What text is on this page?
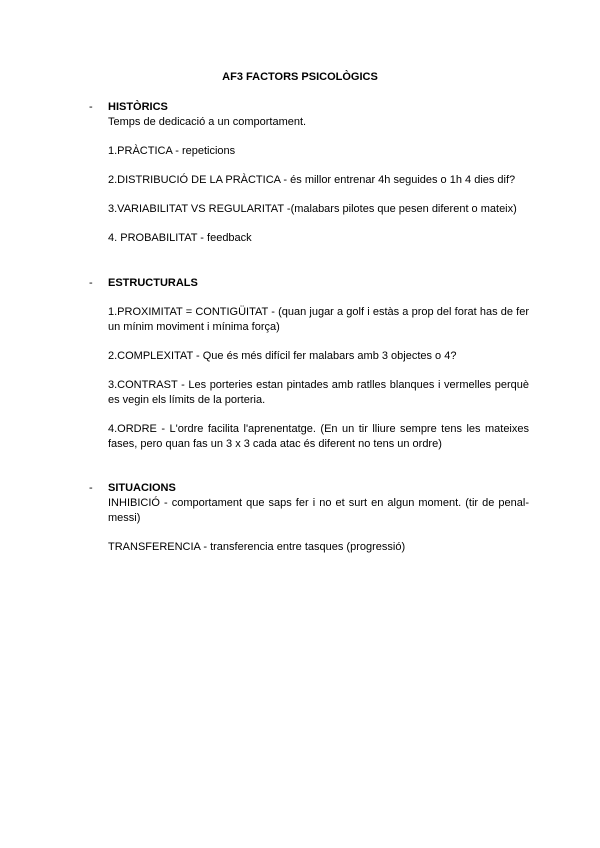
AF3 FACTORS PSICOLÒGICS
-	HISTÒRICS

Temps de dedicació a un comportament.

1.PRÀCTICA - repeticions

2.DISTRIBUCIÓ DE LA PRÀCTICA - és millor entrenar 4h seguides o 1h 4 dies dif?

3.VARIABILITAT VS REGULARITAT -(malabars pilotes que pesen diferent o mateix)

4. PROBABILITAT - feedback

-	ESTRUCTURALS

1.PROXIMITAT = CONTIGÜITAT - (quan jugar a golf i estàs a prop del forat has de fer un mínim moviment i mínima força)

2.COMPLEXITAT - Que és més difícil fer malabars amb 3 objectes o 4?

3.CONTRAST - Les porteries estan pintades amb ratlles blanques i vermelles perquè es vegin els límits de la porteria.

4.ORDRE - L'ordre facilita l'aprenentatge. (En un tir lliure sempre tens les mateixes fases, pero quan fas un 3 x 3 cada atac és diferent no tens un ordre)

-	SITUACIONS

INHIBICIÓ - comportament que saps fer i no et surt en algun moment. (tir de penal-messi)

TRANSFERENCIA - transferencia entre tasques (progressió)
